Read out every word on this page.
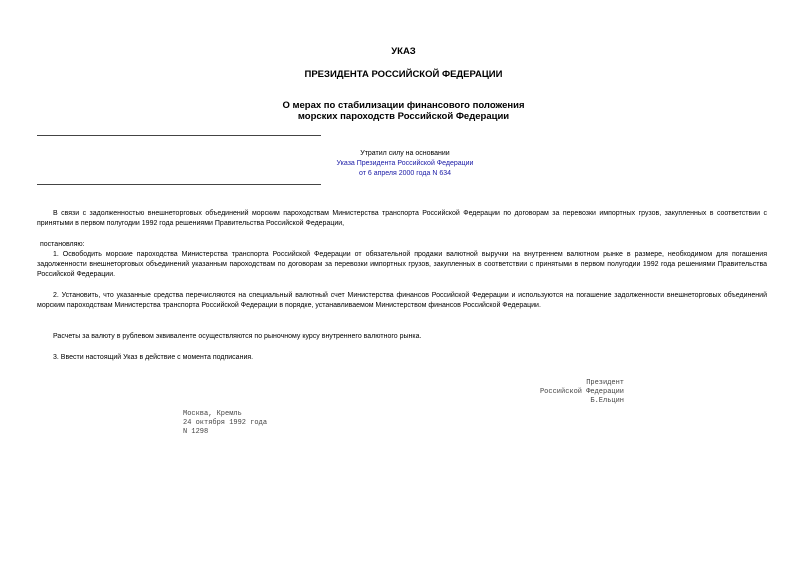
УКАЗ
ПРЕЗИДЕНТА РОССИЙСКОЙ ФЕДЕРАЦИИ
О мерах по стабилизации финансового положения
морских пароходств Российской Федерации
Утратил силу на основании
Указа Президента Российской Федерации
от 6 апреля 2000 года N 634
В связи с задолженностью внешнеторговых объединений морским пароходствам Министерства транспорта Российской Федерации по договорам за перевозки импортных грузов, закупленных в соответствии с принятыми в первом полугодии 1992 года решениями Правительства Российской Федерации,
постановляю:
1. Освободить морские пароходства Министерства транспорта Российской Федерации от обязательной продажи валютной выручки на внутреннем валютном рынке в размере, необходимом для погашения задолженности внешнеторговых объединений указанным пароходствам по договорам за перевозки импортных грузов, закупленных в соответствии с принятыми в первом полугодии 1992 года решениями Правительства Российской Федерации.
2. Установить, что указанные средства перечисляются на специальный валютный счет Министерства финансов Российской Федерации и используются на погашение задолженности внешнеторговых объединений морским пароходствам Министерства транспорта Российской Федерации в порядке, устанавливаемом Министерством финансов Российской Федерации.
Расчеты за валюту в рублевом эквиваленте осуществляются по рыночному курсу внутреннего валютного рынка.
3. Ввести настоящий Указ в действие с момента подписания.
Президент
Российской Федерации
Б.Ельцин
Москва, Кремль
24 октября 1992 года
N 1298
